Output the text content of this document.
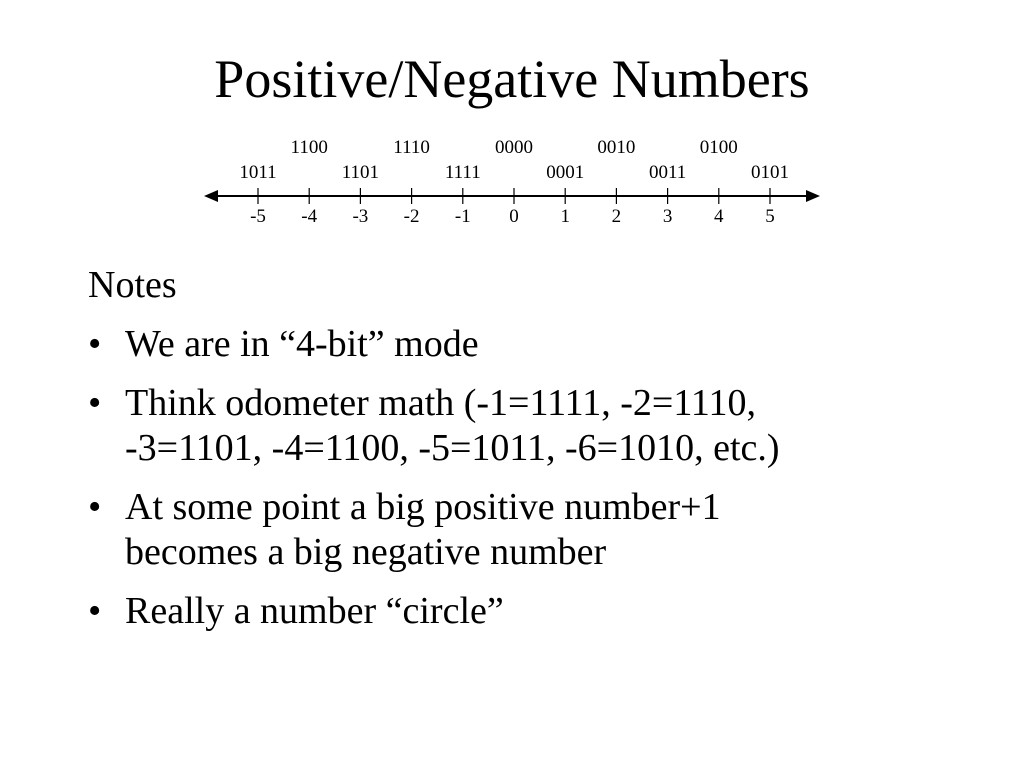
Positive/Negative Numbers
-5
1011
-4
1100
-3
1101
-2
1110
-1
1111
0
0000
1
0001
2
0010
3
0011
4
0100
5
0101

Notes

• We are in “4-bit” mode
• Think odometer math (-1=1111, -2=1110,
-3=1101, -4=1100, -5=1011, -6=1010, etc.)
• At some point a big positive number+1
becomes a big negative number
• Really a number “circle”
